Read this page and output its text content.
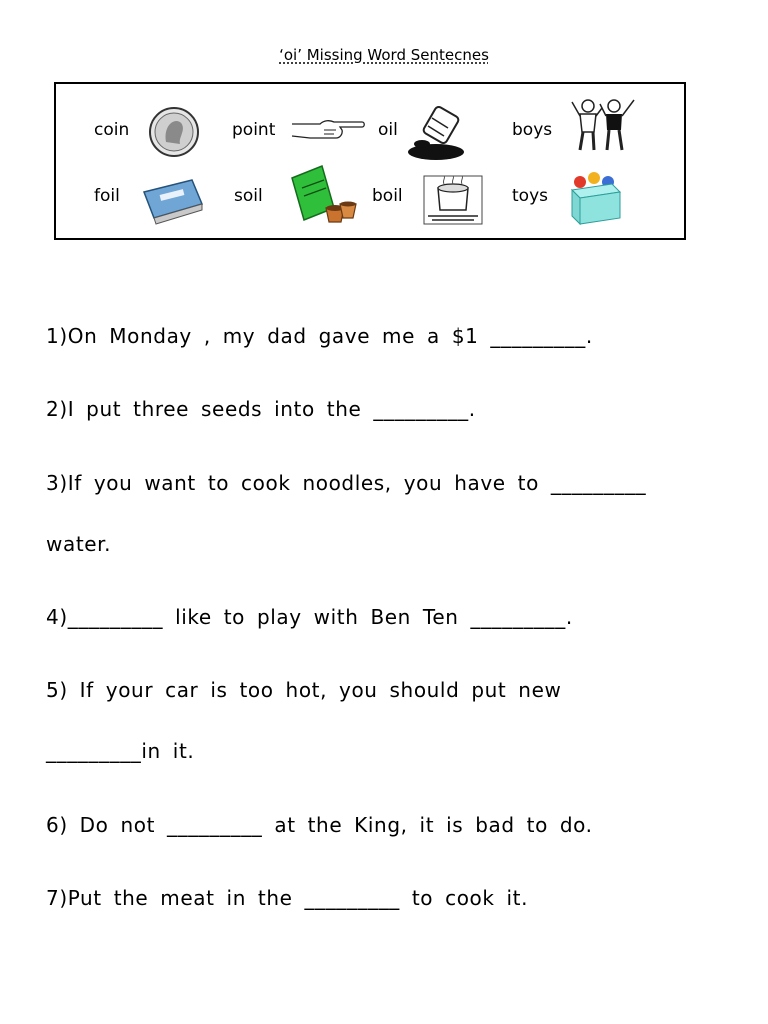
‘oi’ Missing Word Sentecnes
coin	point	oil	boys
foil	soil	boil	toys
1)On Monday , my dad gave me a $1 _________.
2)I put three seeds into the _________.
3)If you want to cook noodles, you have to _________
water.
4)_________ like to play with Ben Ten _________.
5) If your car is too hot, you should put new
_________in it.
6) Do not _________ at the King, it is bad to do.
7)Put the meat in the _________ to cook it.
